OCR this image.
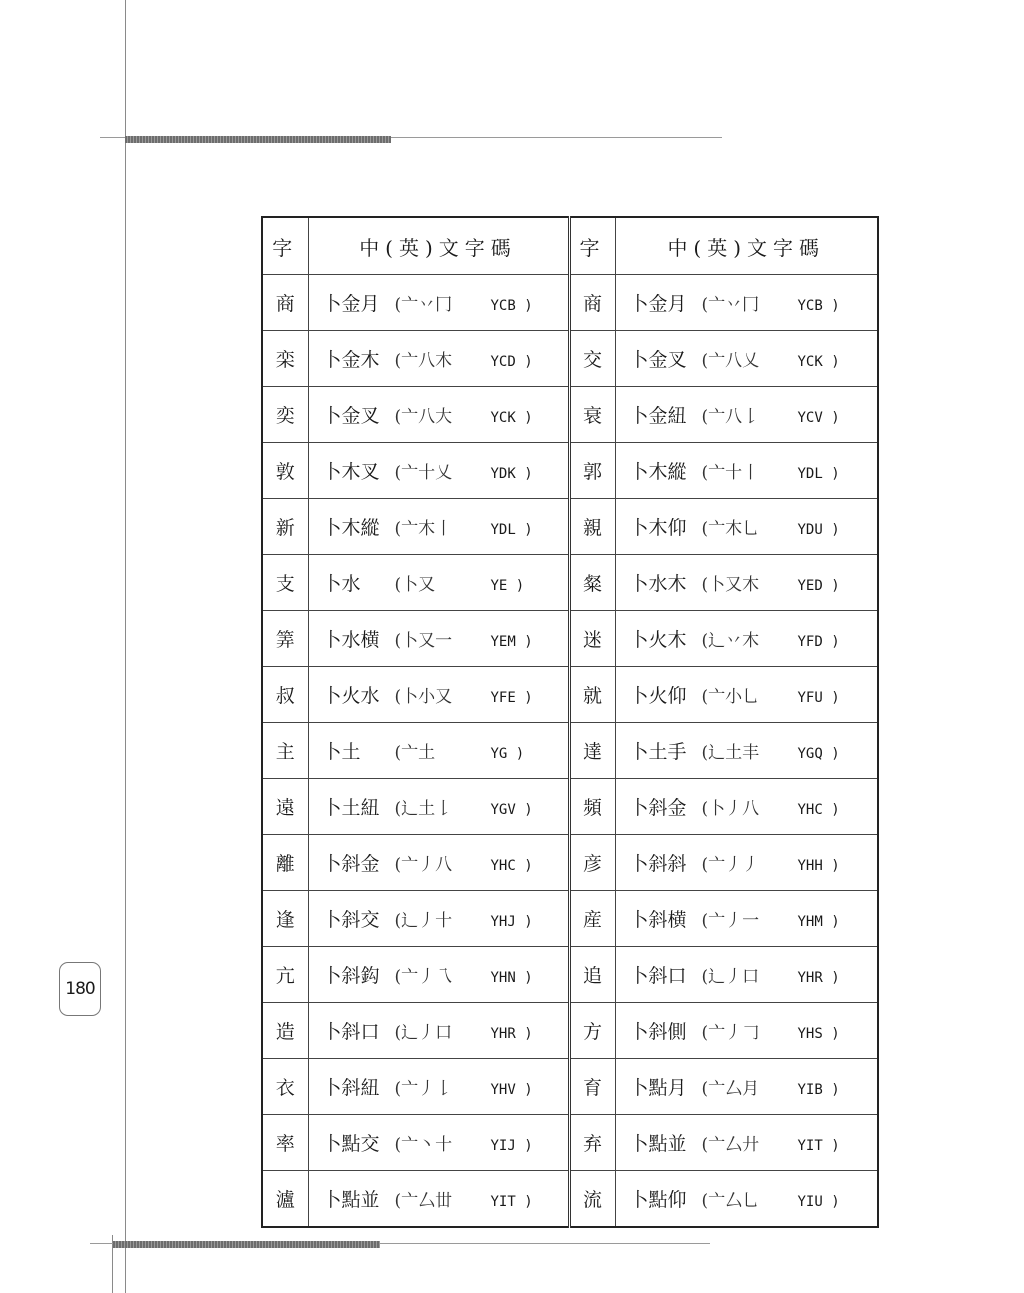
180
字	中(英)文字碼	字	中(英)文字碼
商	卜金月 (亠丷冂 YCB )	商	卜金月 (亠丷冂 YCB )
栾	卜金木 (亠八木 YCD )	交	卜金叉 (亠八乂 YCK )
奕	卜金叉 (亠八大 YCK )	衰	卜金紐 (亠八𠄌 YCV )
敦	卜木叉 (亠十乂 YDK )	郭	卜木縱 (亠十丨 YDL )
新	卜木縱 (亠木丨 YDL )	親	卜木仰 (亠木乚 YDU )
支	卜水 (卜又 YE )	粲	卜水木 (卜又木 YED )
筭	卜水横 (卜又一 YEM )	迷	卜火木 (辶丷木 YFD )
叔	卜火水 (卜小又 YFE )	就	卜火仰 (亠小乚 YFU )
主	卜土 (亠土 YG )	達	卜土手 (辶土丰 YGQ )
遠	卜土紐 (辶土𠄌 YGV )	頻	卜斜金 (卜丿八 YHC )
離	卜斜金 (亠丿八 YHC )	彦	卜斜斜 (亠丿丿 YHH )
逢	卜斜交 (辶丿十 YHJ )	産	卜斜横 (亠丿一 YHM )
亢	卜斜鈎 (亠丿乁 YHN )	追	卜斜口 (辶丿口 YHR )
造	卜斜口 (辶丿口 YHR )	方	卜斜側 (亠丿𠃌 YHS )
衣	卜斜紐 (亠丿𠄌 YHV )	育	卜點月 (亠厶月 YIB )
率	卜點交 (亠丶十 YIJ )	弃	卜點並 (亠厶廾 YIT )
瀘	卜點並 (亠厶丗 YIT )	流	卜點仰 (亠厶乚 YIU )
